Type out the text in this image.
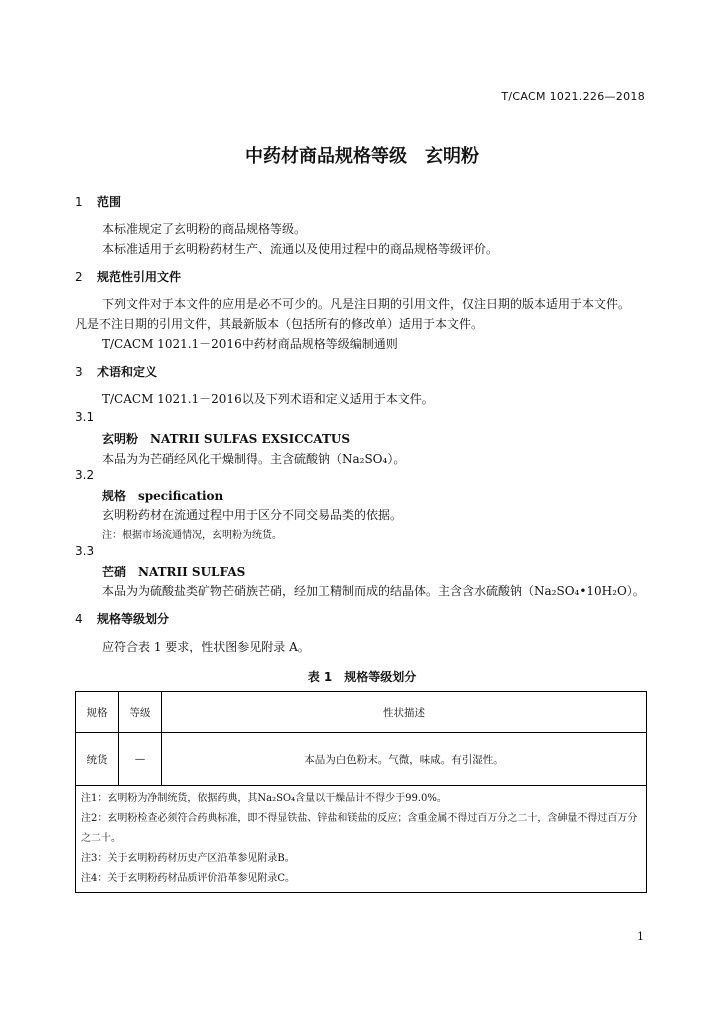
T/CACM 1021.226—2018
中药材商品规格等级　玄明粉
1 范围
本标准规定了玄明粉的商品规格等级。
本标准适用于玄明粉药材生产、流通以及使用过程中的商品规格等级评价。
2 规范性引用文件
下列文件对于本文件的应用是必不可少的。凡是注日期的引用文件，仅注日期的版本适用于本文件。
凡是不注日期的引用文件，其最新版本（包括所有的修改单）适用于本文件。
T/CACM 1021.1－2016中药材商品规格等级编制通则
3 术语和定义
T/CACM 1021.1－2016以及下列术语和定义适用于本文件。
3.1
玄明粉　NATRII SULFAS EXSICCATUS
本品为为芒硝经风化干燥制得。主含硫酸钠（Na₂SO₄）。
3.2
规格　specification
玄明粉药材在流通过程中用于区分不同交易品类的依据。
注：根据市场流通情况，玄明粉为统货。
3.3
芒硝　NATRII SULFAS
本品为为硫酸盐类矿物芒硝族芒硝，经加工精制而成的结晶体。主含含水硫酸钠（Na₂SO₄•10H₂O）。
4 规格等级划分
应符合表 1 要求，性状图参见附录 A。
表 1　规格等级划分
规格	等级	性状描述
统货	—	本品为白色粉末。气微，味咸。有引湿性。

注1：玄明粉为净制统货，依据药典，其Na₂SO₄含量以干燥品计不得少于99.0%。
注2：玄明粉检查必须符合药典标准，即不得显铁盐、锌盐和镁盐的反应；含重金属不得过百万分之二十，含砷量不得过百万分之二十。
注3：关于玄明粉药材历史产区沿革参见附录B。
注4：关于玄明粉药材品质评价沿革参见附录C。		
1
